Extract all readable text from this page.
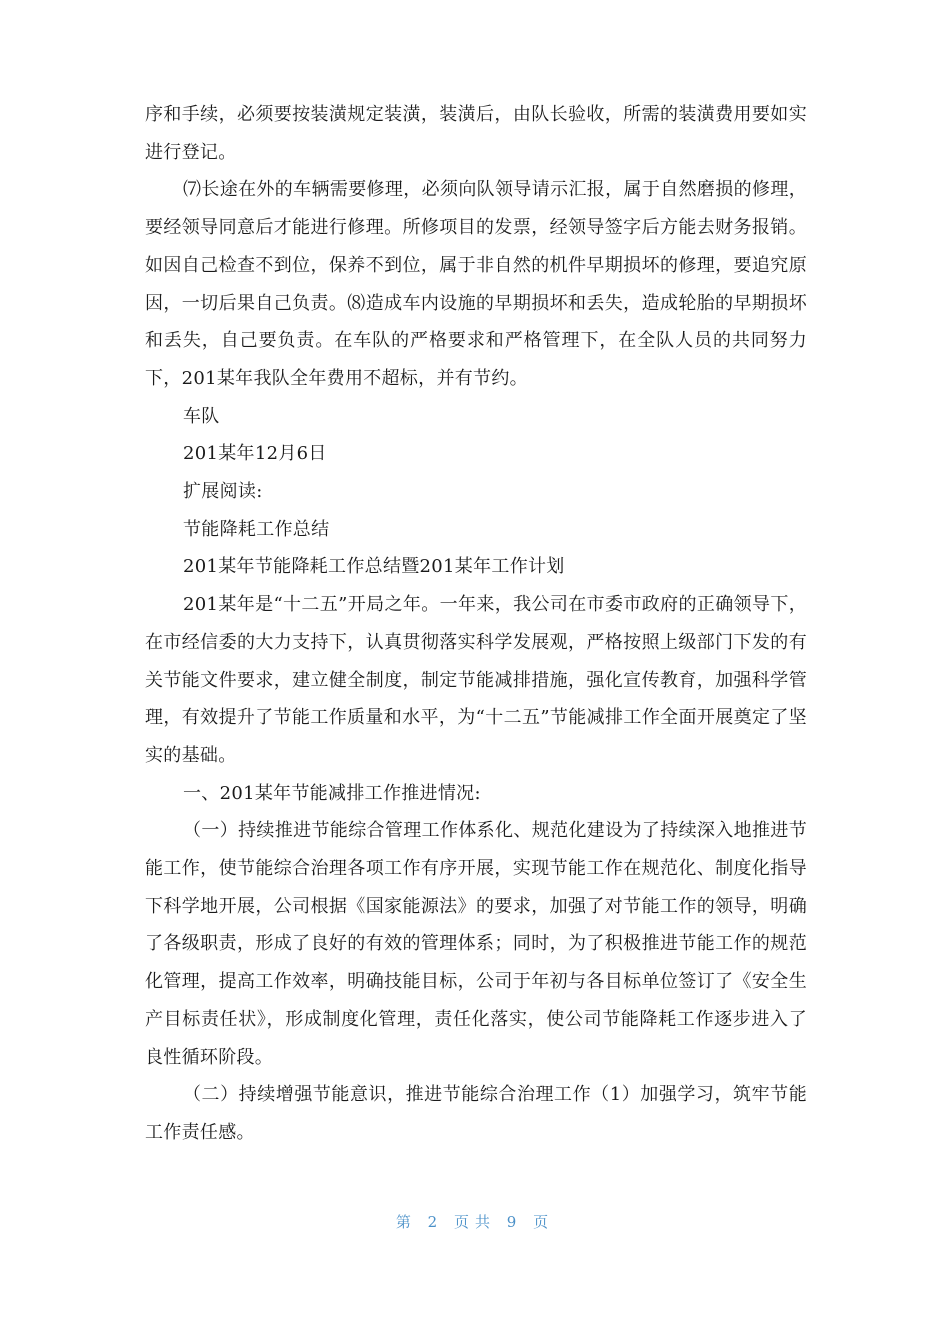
序和手续，必须要按装潢规定装潢，装潢后，由队长验收，所需的装潢费用要如实进行登记。

⑺长途在外的车辆需要修理，必须向队领导请示汇报，属于自然磨损的修理，要经领导同意后才能进行修理。所修项目的发票，经领导签字后方能去财务报销。如因自己检查不到位，保养不到位，属于非自然的机件早期损坏的修理，要追究原因，一切后果自己负责。⑻造成车内设施的早期损坏和丢失，造成轮胎的早期损坏和丢失，自己要负责。在车队的严格要求和严格管理下，在全队人员的共同努力下，201某年我队全年费用不超标，并有节约。

车队

201某年12月6日

扩展阅读:

节能降耗工作总结

201某年节能降耗工作总结暨201某年工作计划

201某年是“十二五”开局之年。一年来，我公司在市委市政府的正确领导下，在市经信委的大力支持下，认真贯彻落实科学发展观，严格按照上级部门下发的有关节能文件要求，建立健全制度，制定节能减排措施，强化宣传教育，加强科学管理，有效提升了节能工作质量和水平，为“十二五”节能减排工作全面开展奠定了坚实的基础。

一、201某年节能减排工作推进情况:

（一）持续推进节能综合管理工作体系化、规范化建设为了持续深入地推进节能工作，使节能综合治理各项工作有序开展，实现节能工作在规范化、制度化指导下科学地开展，公司根据《国家能源法》的要求，加强了对节能工作的领导，明确了各级职责，形成了良好的有效的管理体系；同时，为了积极推进节能工作的规范化管理，提高工作效率，明确技能目标，公司于年初与各目标单位签订了《安全生产目标责任状》，形成制度化管理，责任化落实，使公司节能降耗工作逐步进入了良性循环阶段。

（二）持续增强节能意识，推进节能综合治理工作（1）加强学习，筑牢节能工作责任感。

第 2 页共 9 页
